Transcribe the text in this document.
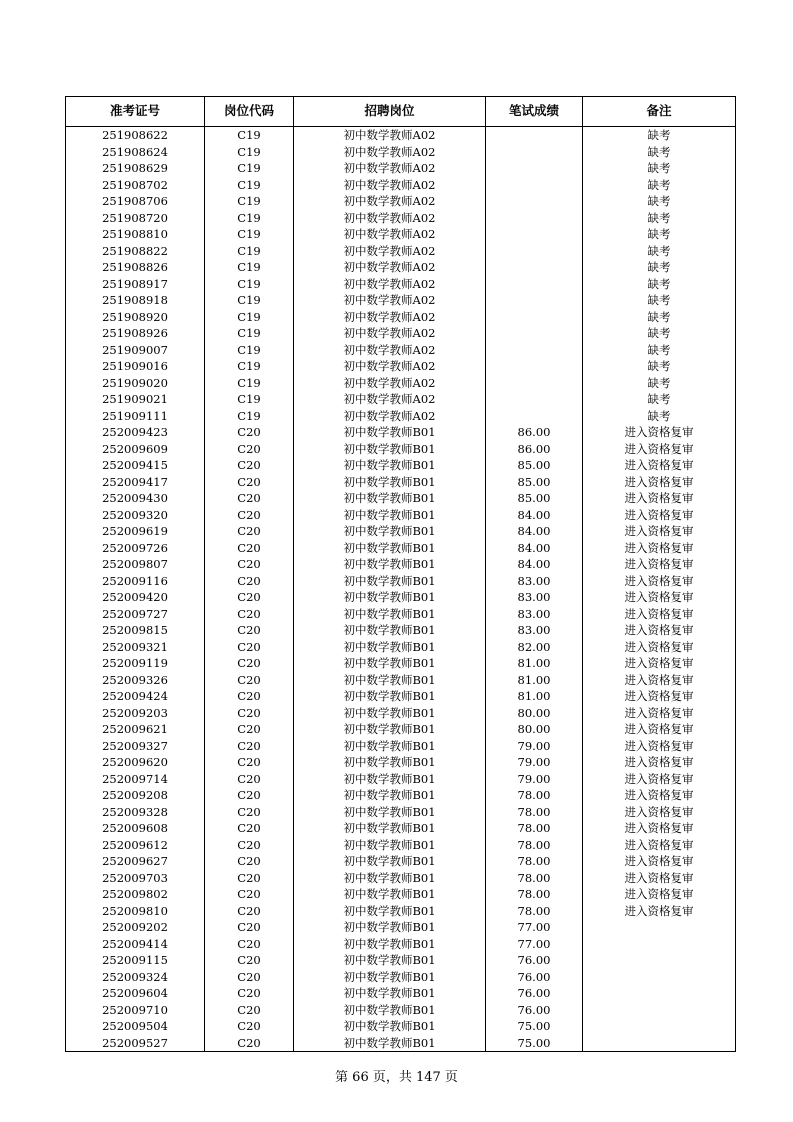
准考证号	岗位代码	招聘岗位	笔试成绩	备注
251908622	C19	初中数学教师A02		缺考
251908624	C19	初中数学教师A02		缺考
251908629	C19	初中数学教师A02		缺考
251908702	C19	初中数学教师A02		缺考
251908706	C19	初中数学教师A02		缺考
251908720	C19	初中数学教师A02		缺考
251908810	C19	初中数学教师A02		缺考
251908822	C19	初中数学教师A02		缺考
251908826	C19	初中数学教师A02		缺考
251908917	C19	初中数学教师A02		缺考
251908918	C19	初中数学教师A02		缺考
251908920	C19	初中数学教师A02		缺考
251908926	C19	初中数学教师A02		缺考
251909007	C19	初中数学教师A02		缺考
251909016	C19	初中数学教师A02		缺考
251909020	C19	初中数学教师A02		缺考
251909021	C19	初中数学教师A02		缺考
251909111	C19	初中数学教师A02		缺考
252009423	C20	初中数学教师B01	86.00	进入资格复审
252009609	C20	初中数学教师B01	86.00	进入资格复审
252009415	C20	初中数学教师B01	85.00	进入资格复审
252009417	C20	初中数学教师B01	85.00	进入资格复审
252009430	C20	初中数学教师B01	85.00	进入资格复审
252009320	C20	初中数学教师B01	84.00	进入资格复审
252009619	C20	初中数学教师B01	84.00	进入资格复审
252009726	C20	初中数学教师B01	84.00	进入资格复审
252009807	C20	初中数学教师B01	84.00	进入资格复审
252009116	C20	初中数学教师B01	83.00	进入资格复审
252009420	C20	初中数学教师B01	83.00	进入资格复审
252009727	C20	初中数学教师B01	83.00	进入资格复审
252009815	C20	初中数学教师B01	83.00	进入资格复审
252009321	C20	初中数学教师B01	82.00	进入资格复审
252009119	C20	初中数学教师B01	81.00	进入资格复审
252009326	C20	初中数学教师B01	81.00	进入资格复审
252009424	C20	初中数学教师B01	81.00	进入资格复审
252009203	C20	初中数学教师B01	80.00	进入资格复审
252009621	C20	初中数学教师B01	80.00	进入资格复审
252009327	C20	初中数学教师B01	79.00	进入资格复审
252009620	C20	初中数学教师B01	79.00	进入资格复审
252009714	C20	初中数学教师B01	79.00	进入资格复审
252009208	C20	初中数学教师B01	78.00	进入资格复审
252009328	C20	初中数学教师B01	78.00	进入资格复审
252009608	C20	初中数学教师B01	78.00	进入资格复审
252009612	C20	初中数学教师B01	78.00	进入资格复审
252009627	C20	初中数学教师B01	78.00	进入资格复审
252009703	C20	初中数学教师B01	78.00	进入资格复审
252009802	C20	初中数学教师B01	78.00	进入资格复审
252009810	C20	初中数学教师B01	78.00	进入资格复审
252009202	C20	初中数学教师B01	77.00	
252009414	C20	初中数学教师B01	77.00	
252009115	C20	初中数学教师B01	76.00	
252009324	C20	初中数学教师B01	76.00	
252009604	C20	初中数学教师B01	76.00	
252009710	C20	初中数学教师B01	76.00	
252009504	C20	初中数学教师B01	75.00	
252009527	C20	初中数学教师B01	75.00	
第 66 页，共 147 页
